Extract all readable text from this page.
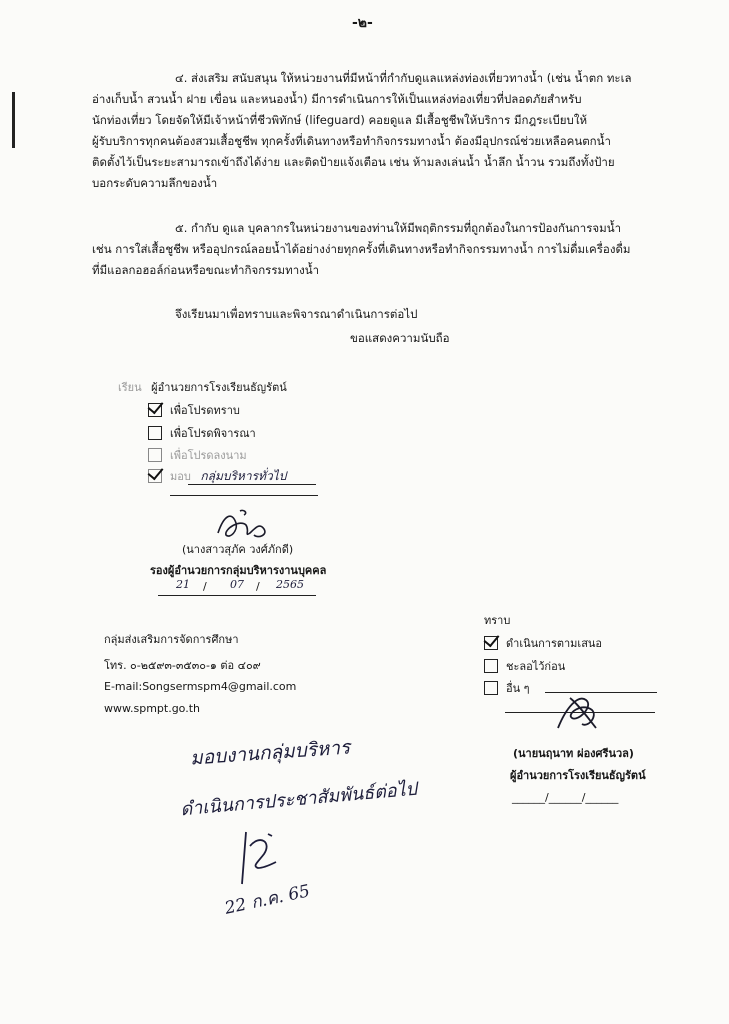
-๒-
๔. ส่งเสริม สนับสนุน ให้หน่วยงานที่มีหน้าที่กำกับดูแลแหล่งท่องเที่ยวทางน้ำ (เช่น น้ำตก ทะเล
อ่างเก็บน้ำ สวนน้ำ ฝาย เขื่อน และหนองน้ำ) มีการดำเนินการให้เป็นแหล่งท่องเที่ยวที่ปลอดภัยสำหรับ
นักท่องเที่ยว โดยจัดให้มีเจ้าหน้าที่ชีวพิทักษ์ (lifeguard) คอยดูแล มีเสื้อชูชีพให้บริการ มีกฎระเบียบให้
ผู้รับบริการทุกคนต้องสวมเสื้อชูชีพ ทุกครั้งที่เดินทางหรือทำกิจกรรมทางน้ำ ต้องมีอุปกรณ์ช่วยเหลือคนตกน้ำ
ติดตั้งไว้เป็นระยะสามารถเข้าถึงได้ง่าย และติดป้ายแจ้งเตือน เช่น ห้ามลงเล่นน้ำ น้ำลึก น้ำวน รวมถึงทั้งป้าย
บอกระดับความลึกของน้ำ
๕. กำกับ ดูแล บุคลากรในหน่วยงานของท่านให้มีพฤติกรรมที่ถูกต้องในการป้องกันการจมน้ำ
เช่น การใส่เสื้อชูชีพ หรืออุปกรณ์ลอยน้ำได้อย่างง่ายทุกครั้งที่เดินทางหรือทำกิจกรรมทางน้ำ การไม่ดื่มเครื่องดื่ม
ที่มีแอลกอฮอล์ก่อนหรือขณะทำกิจกรรมทางน้ำ
จึงเรียนมาเพื่อทราบและพิจารณาดำเนินการต่อไป
ขอแสดงความนับถือ
เรียน ผู้อำนวยการโรงเรียนธัญรัตน์
เพื่อโปรดทราบ
เพื่อโปรดพิจารณา
เพื่อโปรดลงนาม
มอบ กลุ่มบริหารทั่วไป
(นางสาวสุภัค วงศ์ภักดี)
รองผู้อำนวยการกลุ่มบริหารงานบุคคล
21 / 07 / 2565
กลุ่มส่งเสริมการจัดการศึกษา
โทร. ๐-๒๕๙๓-๓๕๓๐-๑ ต่อ ๔๐๙
E-mail:Songsermspm4@gmail.com
www.spmpt.go.th
ทราบ
ดำเนินการตามเสนอ
ชะลอไว้ก่อน
อื่น ๆ
(นายนฤนาท ผ่องศรีนวล)
ผู้อำนวยการโรงเรียนธัญรัตน์
______/______/______
มอบงานกลุ่มบริหาร
ดำเนินการประชาสัมพันธ์ต่อไป
22 ก.ค. 65
